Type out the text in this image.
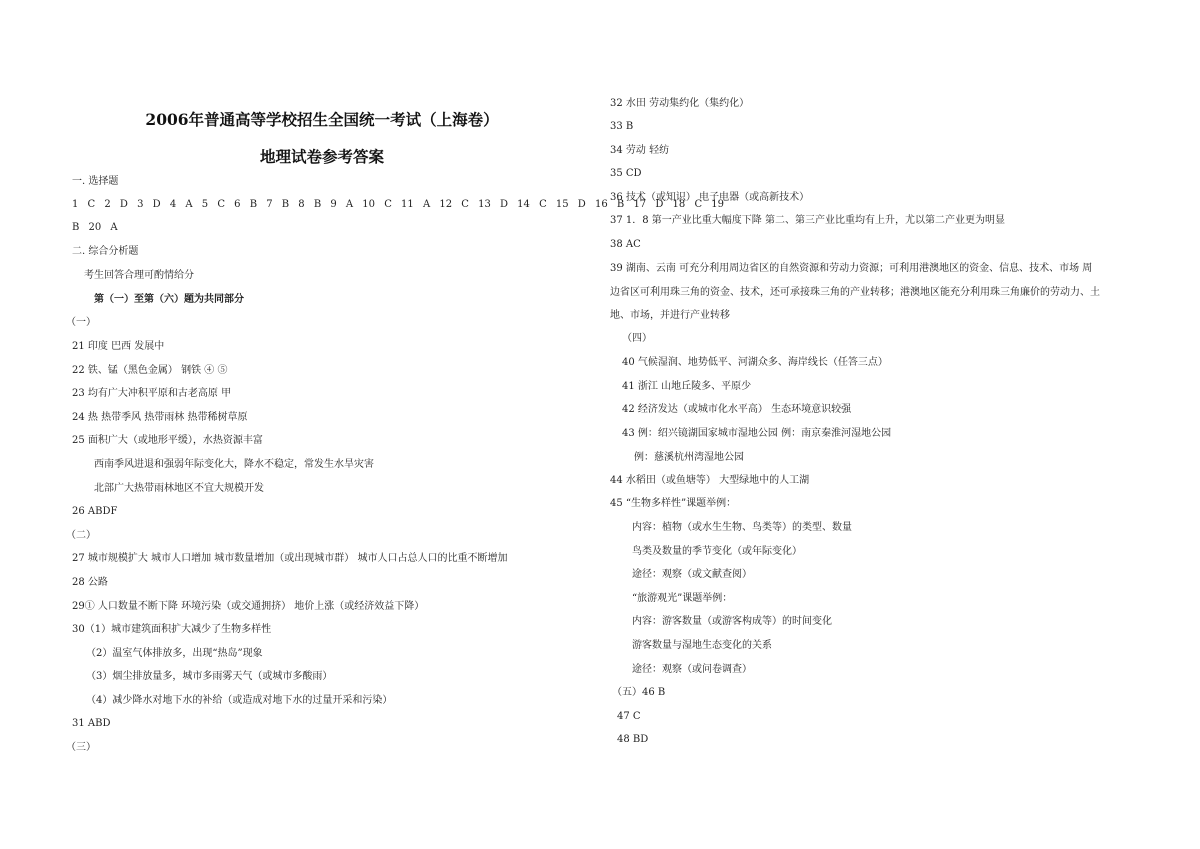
2006年普通高等学校招生全国统一考试（上海卷）
地理试卷参考答案
一. 选择题
1 C 2 D 3 D 4 A 5 C 6 B 7 B 8 B 9 A 10 C 11 A 12 C 13 D 14 C 15 D 16 B 17 D 18 C 19
B 20 A
二. 综合分析题
考生回答合理可酌情给分
第（一）至第（六）题为共同部分
（一）
21 印度 巴西 发展中
22 铁、锰（黑色金属） 钢铁 ④ ⑤
23 均有广大冲积平原和古老高原 甲
24 热 热带季风 热带雨林 热带稀树草原
25 面积广大（或地形平缓），水热资源丰富
西南季风进退和强弱年际变化大，降水不稳定，常发生水旱灾害
北部广大热带雨林地区不宜大规模开发
26 ABDF
（二）
27 城市规模扩大 城市人口增加 城市数量增加（或出现城市群） 城市人口占总人口的比重不断增加
28 公路
29① 人口数量不断下降 环境污染（或交通拥挤） 地价上涨（或经济效益下降）
30（1）城市建筑面积扩大减少了生物多样性
（2）温室气体排放多，出现“热岛”现象
（3）烟尘排放量多，城市多雨雾天气（或城市多酸雨）
（4）减少降水对地下水的补给（或造成对地下水的过量开采和污染）
31 ABD
（三）
32 水田 劳动集约化（集约化）
33 B
34 劳动 轻纺
35 CD
36 技术（或知识） 电子电器（或高新技术）
37 1．8 第一产业比重大幅度下降 第二、第三产业比重均有上升，尤以第二产业更为明显
38 AC
39 湖南、云南 可充分利用周边省区的自然资源和劳动力资源；可利用港澳地区的资金、信息、技术、市场 周
边省区可利用珠三角的资金、技术，还可承接珠三角的产业转移；港澳地区能充分利用珠三角廉价的劳动力、土
地、市场，并进行产业转移
（四）
40 气候湿润、地势低平、河湖众多、海岸线长（任答三点）
41 浙江 山地丘陵多、平原少
42 经济发达（或城市化水平高） 生态环境意识较强
43 例：绍兴镜湖国家城市湿地公园 例：南京秦淮河湿地公园
例：慈溪杭州湾湿地公园
44 水稻田（或鱼塘等） 大型绿地中的人工湖
45 “生物多样性”课题举例：
内容：植物（或水生生物、鸟类等）的类型、数量
鸟类及数量的季节变化（或年际变化）
途径：观察（或文献查阅）
“旅游观光”课题举例：
内容：游客数量（或游客构成等）的时间变化
游客数量与湿地生态变化的关系
途径：观察（或问卷调查）
（五）46 B
47 C
48 BD
